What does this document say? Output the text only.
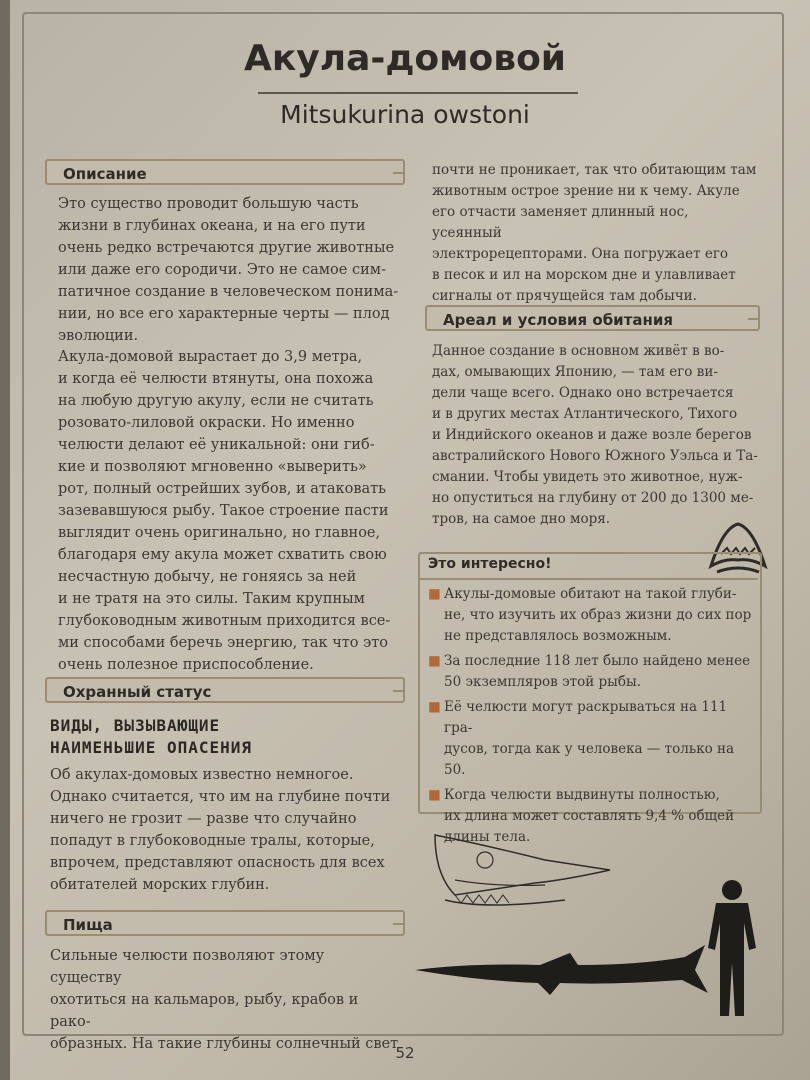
Акула-домовой
Mitsukurina owstoni
Описание
Это существо проводит большую часть
жизни в глубинах океана, и на его пути
очень редко встречаются другие животные
или даже его сородичи. Это не самое сим-
патичное создание в человеческом понима-
нии, но все его характерные черты — плод
эволюции.
Акула-домовой вырастает до 3,9 метра,
и когда её челюсти втянуты, она похожа
на любую другую акулу, если не считать
розовато-лиловой окраски. Но именно
челюсти делают её уникальной: они гиб-
кие и позволяют мгновенно «выверить»
рот, полный острейших зубов, и атаковать
зазевавшуюся рыбу. Такое строение пасти
выглядит очень оригинально, но главное,
благодаря ему акула может схватить свою
несчастную добычу, не гоняясь за ней
и не тратя на это силы. Таким крупным
глубоководным животным приходится все-
ми способами беречь энергию, так что это
очень полезное приспособление.
Охранный статус
ВИДЫ, ВЫЗЫВАЮЩИЕ
НАИМЕНЬШИЕ ОПАСЕНИЯ
Об акулах-домовых известно немногое.
Однако считается, что им на глубине почти
ничего не грозит — разве что случайно
попадут в глубоководные тралы, которые,
впрочем, представляют опасность для всех
обитателей морских глубин.
Пища
Сильные челюсти позволяют этому существу
охотиться на кальмаров, рыбу, крабов и рако-
образных. На такие глубины солнечный свет
почти не проникает, так что обитающим там
животным острое зрение ни к чему. Акуле
его отчасти заменяет длинный нос, усеянный
электрорецепторами. Она погружает его
в песок и ил на морском дне и улавливает
сигналы от прячущейся там добычи.
Ареал и условия обитания
Данное создание в основном живёт в во-
дах, омывающих Японию, — там его ви-
дели чаще всего. Однако оно встречается
и в других местах Атлантического, Тихого
и Индийского океанов и даже возле берегов
австралийского Нового Южного Уэльса и Та-
смании. Чтобы увидеть это животное, нуж-
но опуститься на глубину от 200 до 1300 ме-
тров, на самое дно моря.
Это интересно!
■ Акулы-домовые обитают на такой глуби-
не, что изучить их образ жизни до сих пор
не представлялось возможным.
■ За последние 118 лет было найдено менее
50 экземпляров этой рыбы.
■ Её челюсти могут раскрываться на 111 гра-
дусов, тогда как у человека — только на 50.
■ Когда челюсти выдвинуты полностью,
их длина может составлять 9,4 % общей
длины тела.
52
